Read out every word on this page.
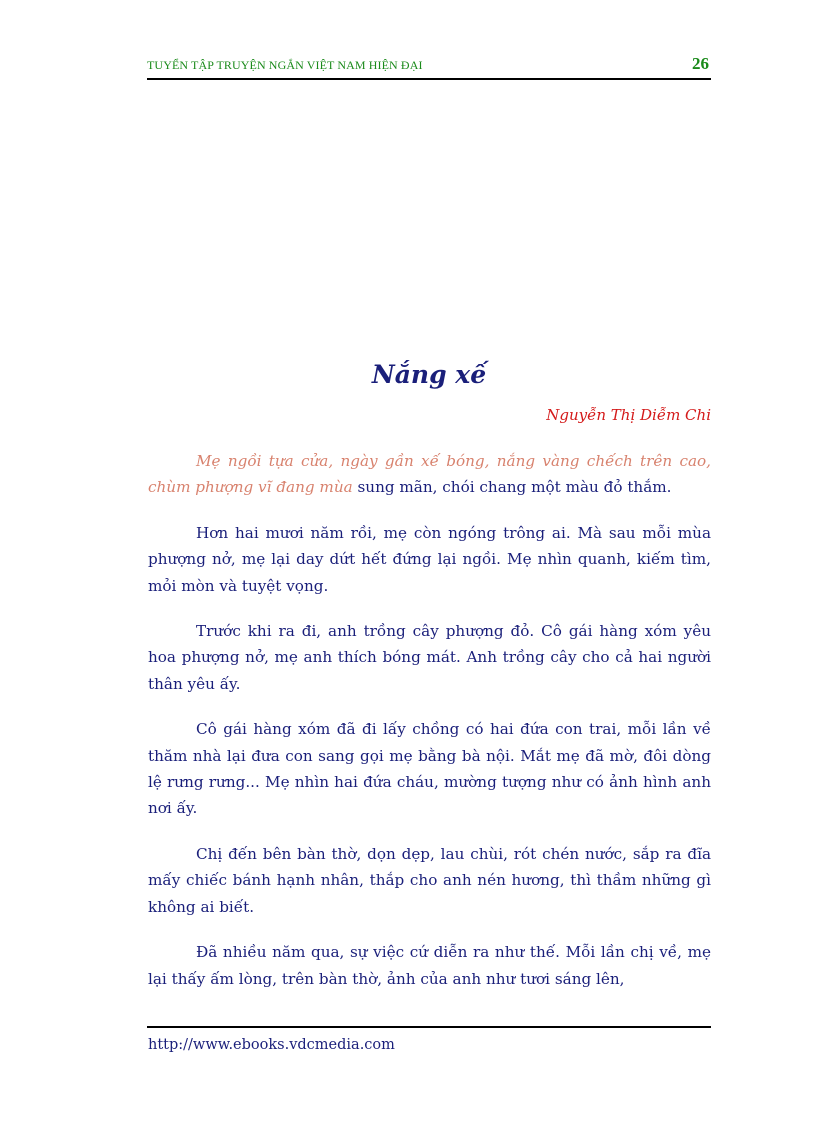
TUYỂN TẬP TRUYỆN NGẮN VIỆT NAM HIỆN ĐẠI	26
Nắng xế
Nguyễn Thị Diễm Chi

Mẹ ngồi tựa cửa, ngày gần xế bóng, nắng vàng chếch trên cao, chùm phượng vĩ đang mùa sung mãn, chói chang một màu đỏ thắm.

Hơn hai mươi năm rồi, mẹ còn ngóng trông ai. Mà sau mỗi mùa phượng nở, mẹ lại day dứt hết đứng lại ngồi. Mẹ nhìn quanh, kiếm tìm, mỏi mòn và tuyệt vọng.

Trước khi ra đi, anh trồng cây phượng đỏ. Cô gái hàng xóm yêu hoa phượng nở, mẹ anh thích bóng mát. Anh trồng cây cho cả hai người thân yêu ấy.

Cô gái hàng xóm đã đi lấy chồng có hai đứa con trai, mỗi lần về thăm nhà lại đưa con sang gọi mẹ bằng bà nội. Mắt mẹ đã mờ, đôi dòng lệ rưng rưng... Mẹ nhìn hai đứa cháu, mường tượng như có ảnh hình anh nơi ấy.

Chị đến bên bàn thờ, dọn dẹp, lau chùi, rót chén nước, sắp ra đĩa mấy chiếc bánh hạnh nhân, thắp cho anh nén hương, thì thầm những gì không ai biết.

Đã nhiều năm qua, sự việc cứ diễn ra như thế. Mỗi lần chị về, mẹ lại thấy ấm lòng, trên bàn thờ, ảnh của anh như tươi sáng lên,

http://www.ebooks.vdcmedia.com
